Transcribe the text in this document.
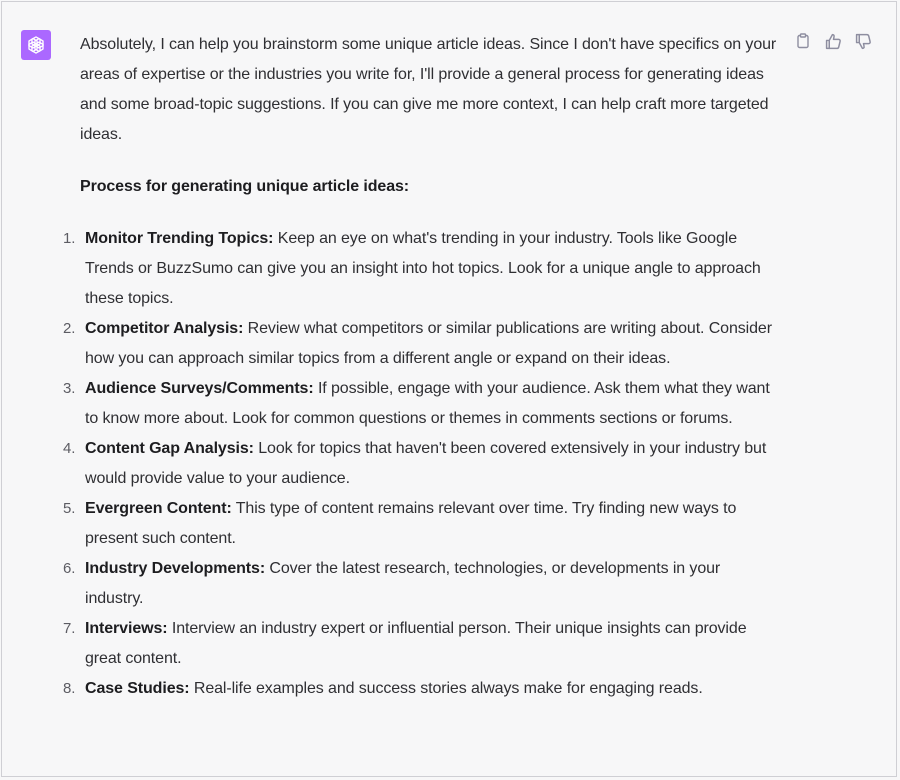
Absolutely, I can help you brainstorm some unique article ideas. Since I don't have specifics on your areas of expertise or the industries you write for, I'll provide a general process for generating ideas and some broad-topic suggestions. If you can give me more context, I can help craft more targeted ideas.

Process for generating unique article ideas:

1. Monitor Trending Topics: Keep an eye on what's trending in your industry. Tools like Google Trends or BuzzSumo can give you an insight into hot topics. Look for a unique angle to approach these topics.
2. Competitor Analysis: Review what competitors or similar publications are writing about. Consider how you can approach similar topics from a different angle or expand on their ideas.
3. Audience Surveys/Comments: If possible, engage with your audience. Ask them what they want to know more about. Look for common questions or themes in comments sections or forums.
4. Content Gap Analysis: Look for topics that haven't been covered extensively in your industry but would provide value to your audience.
5. Evergreen Content: This type of content remains relevant over time. Try finding new ways to present such content.
6. Industry Developments: Cover the latest research, technologies, or developments in your industry.
7. Interviews: Interview an industry expert or influential person. Their unique insights can provide great content.
8. Case Studies: Real-life examples and success stories always make for engaging reads.
